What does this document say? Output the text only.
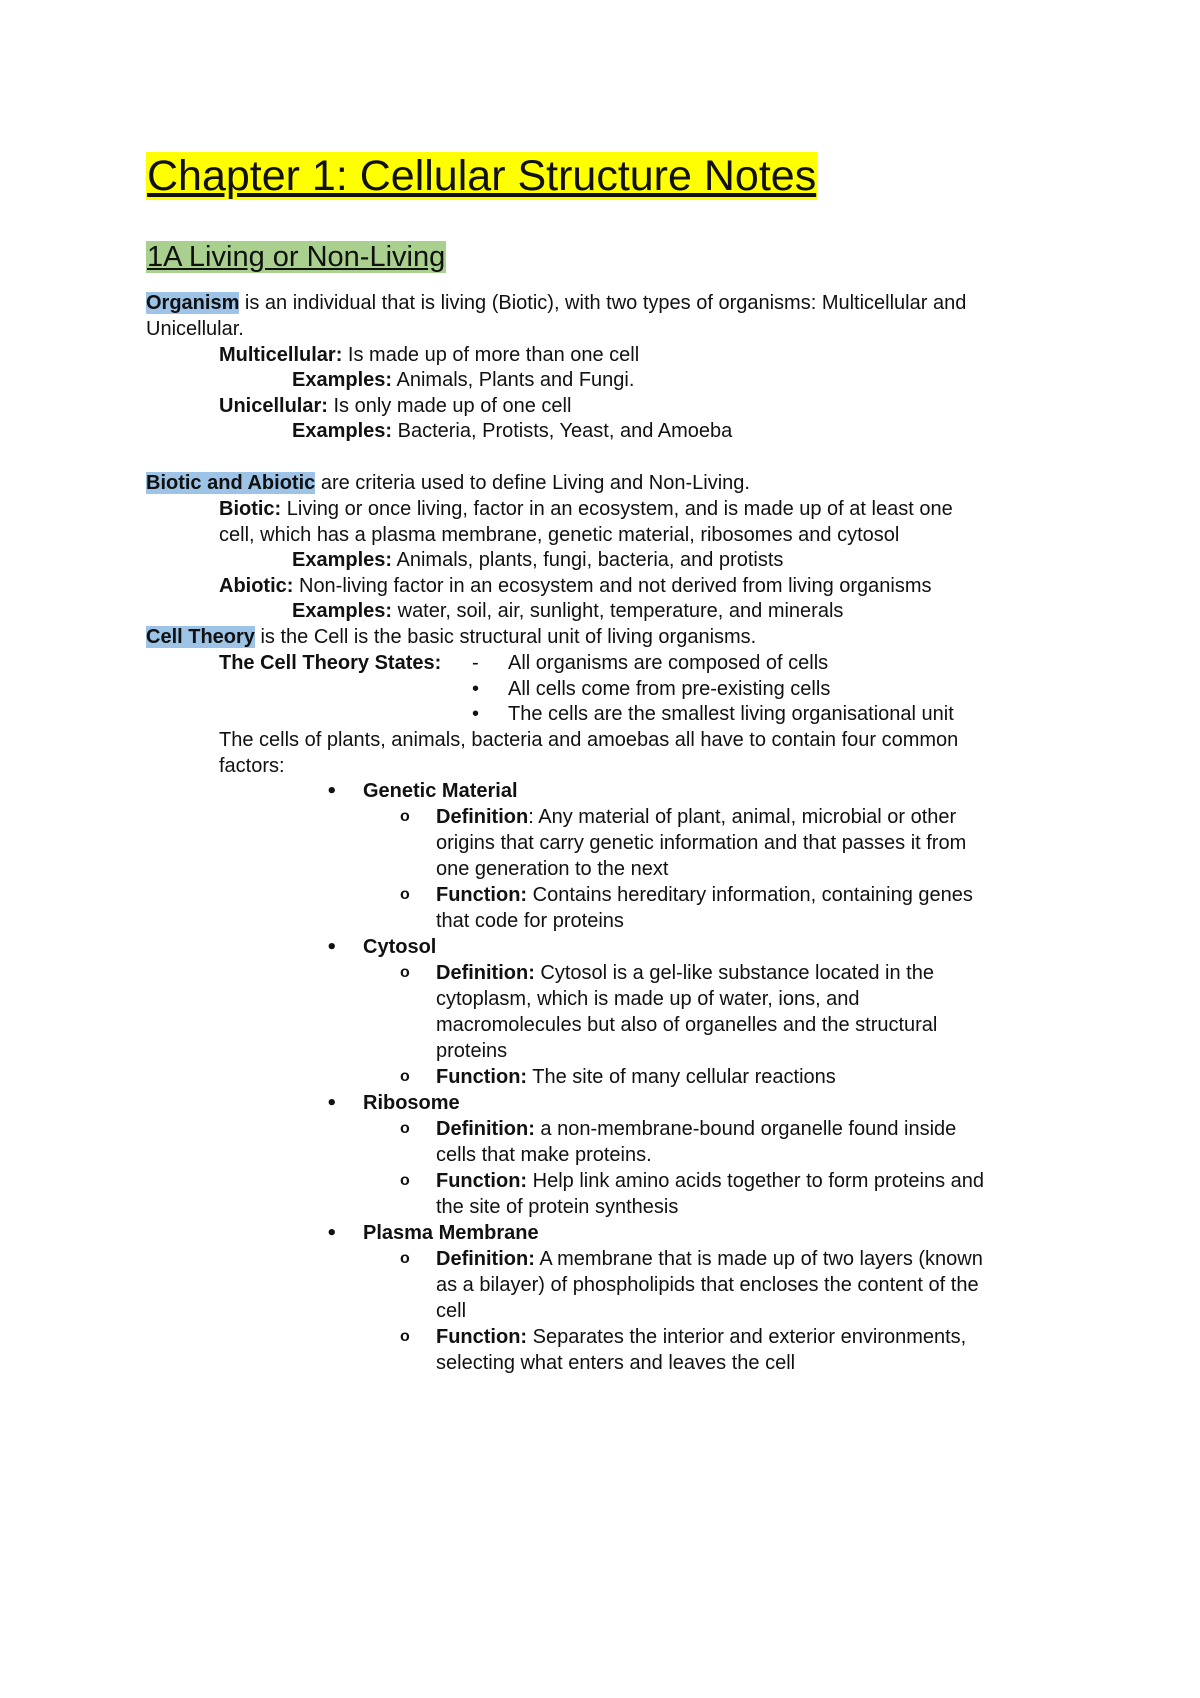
Chapter 1: Cellular Structure Notes
1A Living or Non-Living
Organism is an individual that is living (Biotic), with two types of organisms: Multicellular and
Unicellular.
Multicellular: Is made up of more than one cell
Examples: Animals, Plants and Fungi.
Unicellular: Is only made up of one cell
Examples: Bacteria, Protists, Yeast, and Amoeba
Biotic and Abiotic are criteria used to define Living and Non-Living.
Biotic: Living or once living, factor in an ecosystem, and is made up of at least one
cell, which has a plasma membrane, genetic material, ribosomes and cytosol
Examples: Animals, plants, fungi, bacteria, and protists
Abiotic: Non-living factor in an ecosystem and not derived from living organisms
Examples: water, soil, air, sunlight, temperature, and minerals
Cell Theory is the Cell is the basic structural unit of living organisms.
The Cell Theory States: - All organisms are composed of cells
• All cells come from pre-existing cells
• The cells are the smallest living organisational unit
The cells of plants, animals, bacteria and amoebas all have to contain four common
factors:
• Genetic Material
o Definition: Any material of plant, animal, microbial or other
origins that carry genetic information and that passes it from
one generation to the next
o Function: Contains hereditary information, containing genes
that code for proteins
• Cytosol
o Definition: Cytosol is a gel-like substance located in the
cytoplasm, which is made up of water, ions, and
macromolecules but also of organelles and the structural
proteins
o Function: The site of many cellular reactions
• Ribosome
o Definition: a non-membrane-bound organelle found inside
cells that make proteins.
o Function: Help link amino acids together to form proteins and
the site of protein synthesis
• Plasma Membrane
o Definition: A membrane that is made up of two layers (known
as a bilayer) of phospholipids that encloses the content of the
cell
o Function: Separates the interior and exterior environments,
selecting what enters and leaves the cell
